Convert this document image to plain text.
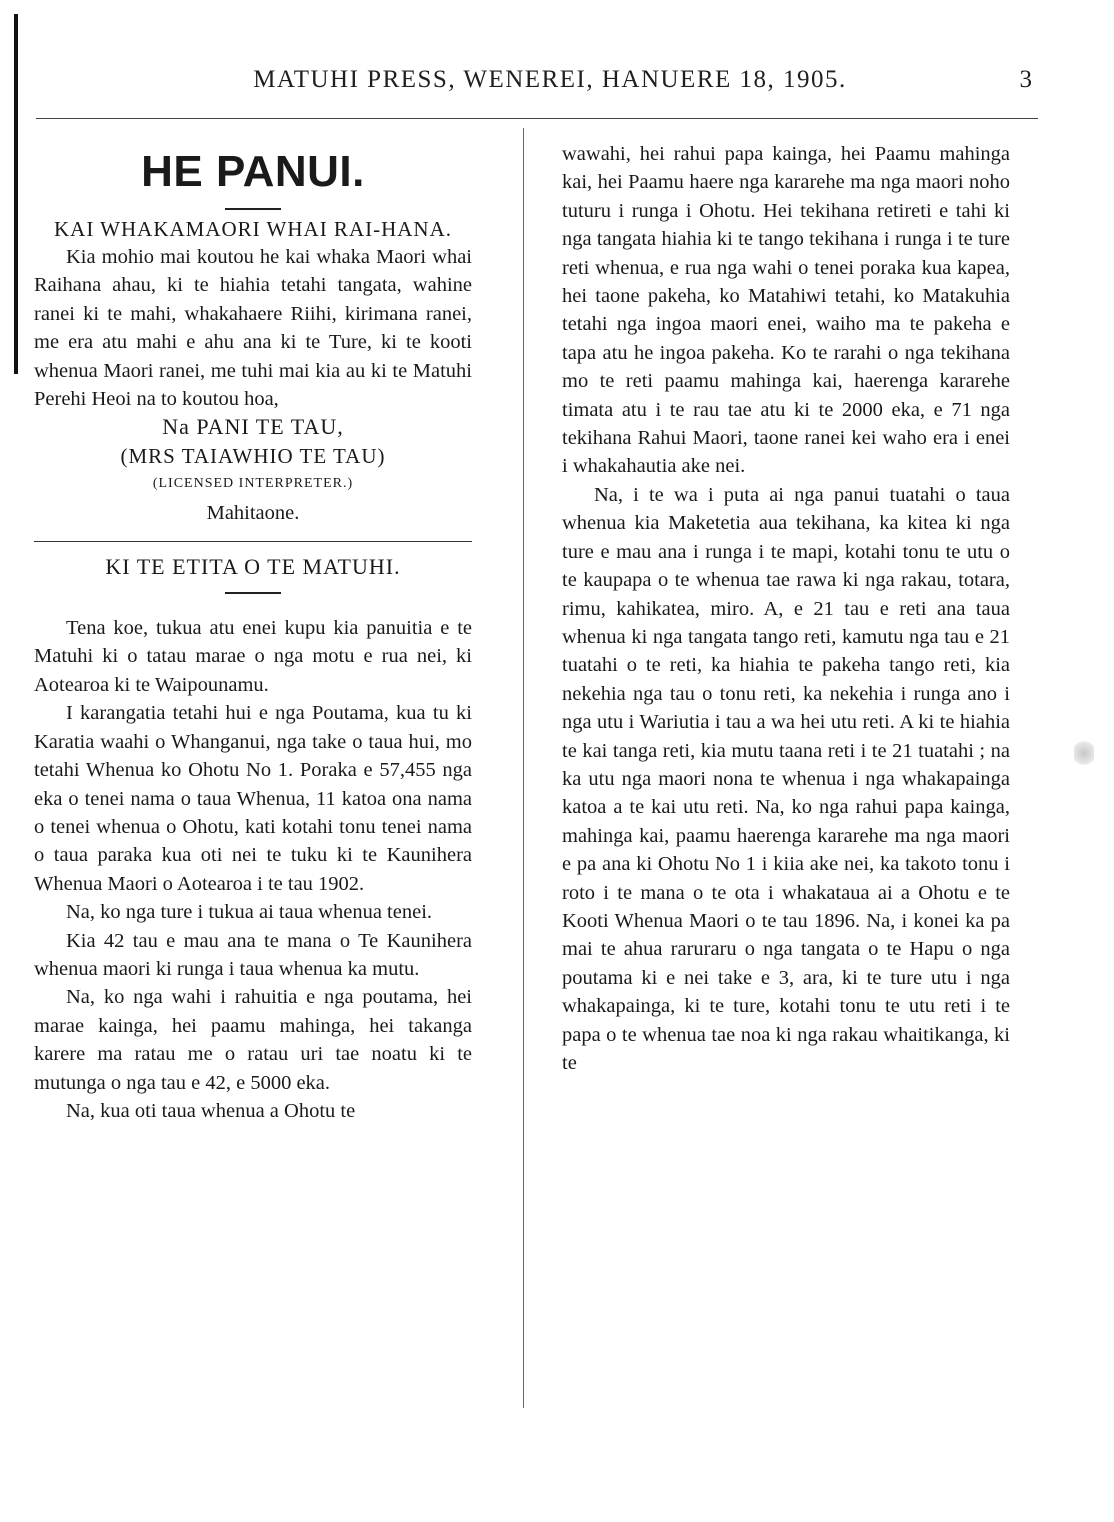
MATUHI PRESS, WENEREI, HANUERE 18, 1905.	3
HE PANUI.
KAI WHAKAMAORI WHAI RAI-HANA.

Kia mohio mai koutou he kai whaka Maori whai Raihana ahau, ki te hiahia tetahi tangata, wahine ranei ki te mahi, whakahaere Riihi, kirimana ranei, me era atu mahi e ahu ana ki te Ture, ki te kooti whenua Maori ranei, me tuhi mai kia au ki te Matuhi Perehi Heoi na to koutou hoa,

Na PANI TE TAU,

(MRS TAIAWHIO TE TAU)

(LICENSED INTERPRETER.)

Mahitaone.

KI TE ETITA O TE MATUHI.

Tena koe, tukua atu enei kupu kia panuitia e te Matuhi ki o tatau marae o nga motu e rua nei, ki Aotearoa ki te Waipounamu.

I karangatia tetahi hui e nga Poutama, kua tu ki Karatia waahi o Whanganui, nga take o taua hui, mo tetahi Whenua ko Ohotu No 1. Poraka e 57,455 nga eka o tenei nama o taua Whenua, 11 katoa ona nama o tenei whenua o Ohotu, kati kotahi tonu tenei nama o taua paraka kua oti nei te tuku ki te Kaunihera Whenua Maori o Aotearoa i te tau 1902.

Na, ko nga ture i tukua ai taua whenua tenei.

Kia 42 tau e mau ana te mana o Te Kaunihera whenua maori ki runga i taua whenua ka mutu.

Na, ko nga wahi i rahuitia e nga poutama, hei marae kainga, hei paamu mahinga, hei takanga karere ma ratau me o ratau uri tae noatu ki te mutunga o nga tau e 42, e 5000 eka.

Na, kua oti taua whenua a Ohotu te

wawahi, hei rahui papa kainga, hei Paamu mahinga kai, hei Paamu haere nga kararehe ma nga maori noho tuturu i runga i Ohotu. Hei tekihana retireti e tahi ki nga tangata hiahia ki te tango tekihana i runga i te ture reti whenua, e rua nga wahi o tenei poraka kua kapea, hei taone pakeha, ko Matahiwi tetahi, ko Matakuhia tetahi nga ingoa maori enei, waiho ma te pakeha e tapa atu he ingoa pakeha. Ko te rarahi o nga tekihana mo te reti paamu mahinga kai, haerenga kararehe timata atu i te rau tae atu ki te 2000 eka, e 71 nga tekihana Rahui Maori, taone ranei kei waho era i enei i whakahautia ake nei.

Na, i te wa i puta ai nga panui tuatahi o taua whenua kia Maketetia aua tekihana, ka kitea ki nga ture e mau ana i runga i te mapi, kotahi tonu te utu o te kaupapa o te whenua tae rawa ki nga rakau, totara, rimu, kahikatea, miro. A, e 21 tau e reti ana taua whenua ki nga tangata tango reti, kamutu nga tau e 21 tuatahi o te reti, ka hiahia te pakeha tango reti, kia nekehia nga tau o tonu reti, ka nekehia i runga ano i nga utu i Wariutia i tau a wa hei utu reti. A ki te hiahia te kai tanga reti, kia mutu taana reti i te 21 tuatahi ; na ka utu nga maori nona te whenua i nga whakapainga katoa a te kai utu reti. Na, ko nga rahui papa kainga, mahinga kai, paamu haerenga kararehe ma nga maori e pa ana ki Ohotu No 1 i kiia ake nei, ka takoto tonu i roto i te mana o te ota i whakataua ai a Ohotu e te Kooti Whenua Maori o te tau 1896. Na, i konei ka pa mai te ahua raruraru o nga tangata o te Hapu o nga poutama ki e nei take e 3, ara, ki te ture utu i nga whakapainga, ki te ture, kotahi tonu te utu reti i te papa o te whenua tae noa ki nga rakau whaitikanga, ki te
